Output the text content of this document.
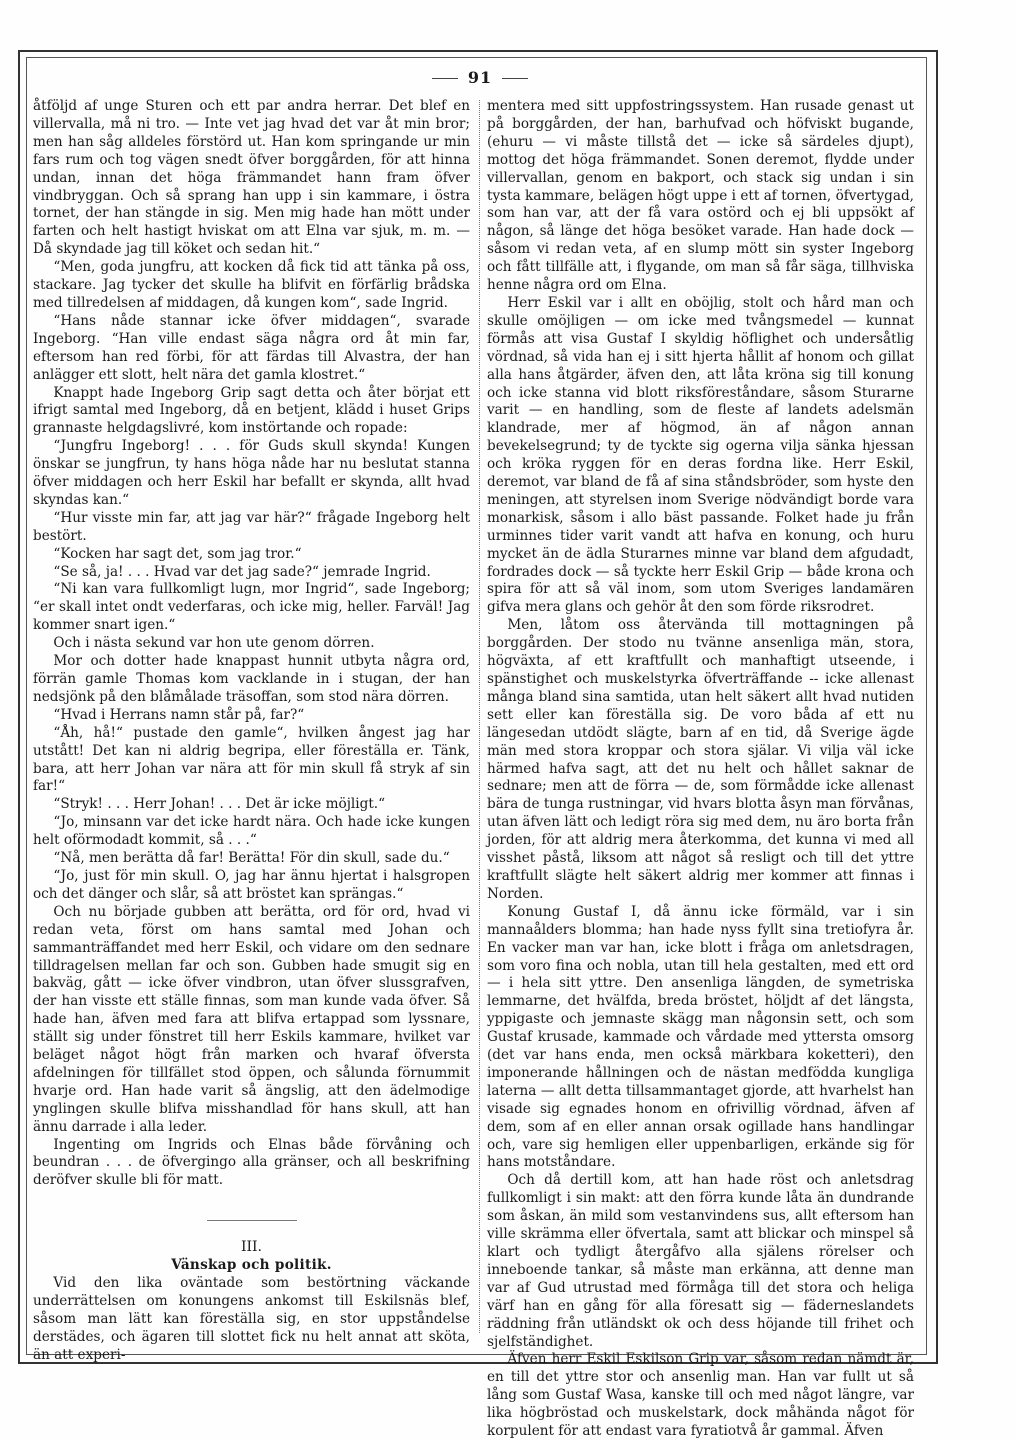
91

åtföljd af unge Sturen och ett par andra herrar. Det blef en villervalla, må ni tro. — Inte vet jag hvad det var åt min bror; men han såg alldeles förstörd ut. Han kom springande ur min fars rum och tog vägen snedt öfver borggården, för att hinna undan, innan det höga främmandet hann fram öfver vindbryggan. Och så sprang han upp i sin kammare, i östra tornet, der han stängde in sig. Men mig hade han mött under farten och helt hastigt hviskat om att Elna var sjuk, m. m. — Då skyndade jag till köket och sedan hit.“

“Men, goda jungfru, att kocken då fick tid att tänka på oss, stackare. Jag tycker det skulle ha blifvit en förfärlig brådska med tillredelsen af middagen, då kungen kom“, sade Ingrid.

“Hans nåde stannar icke öfver middagen“, svarade Ingeborg. “Han ville endast säga några ord åt min far, eftersom han red förbi, för att färdas till Alvastra, der han anlägger ett slott, helt nära det gamla klostret.“

Knappt hade Ingeborg Grip sagt detta och åter börjat ett ifrigt samtal med Ingeborg, då en betjent, klädd i huset Grips grannaste helgdagslivré, kom instörtande och ropade:

“Jungfru Ingeborg! . . . för Guds skull skynda! Kungen önskar se jungfrun, ty hans höga nåde har nu beslutat stanna öfver middagen och herr Eskil har befallt er skynda, allt hvad skyndas kan.“

“Hur visste min far, att jag var här?“ frågade Ingeborg helt bestört.

“Kocken har sagt det, som jag tror.“

“Se så, ja! . . . Hvad var det jag sade?“ jemrade Ingrid.

“Ni kan vara fullkomligt lugn, mor Ingrid“, sade Ingeborg; “er skall intet ondt vederfaras, och icke mig, heller. Farväl! Jag kommer snart igen.“

Och i nästa sekund var hon ute genom dörren.

Mor och dotter hade knappast hunnit utbyta några ord, förrän gamle Thomas kom vacklande in i stugan, der han nedsjönk på den blåmålade träsoffan, som stod nära dörren.

“Hvad i Herrans namn står på, far?“

“Åh, hå!“ pustade den gamle“, hvilken ångest jag har utstått! Det kan ni aldrig begripa, eller föreställa er. Tänk, bara, att herr Johan var nära att för min skull få stryk af sin far!“

“Stryk! . . . Herr Johan! . . . Det är icke möjligt.“

“Jo, minsann var det icke hardt nära. Och hade icke kungen helt oförmodadt kommit, så . . .“

“Nå, men berätta då far! Berätta! För din skull, sade du.“

“Jo, just för min skull. O, jag har ännu hjertat i halsgropen och det dänger och slår, så att bröstet kan sprängas.“

Och nu började gubben att berätta, ord för ord, hvad vi redan veta, först om hans samtal med Johan och sammanträffandet med herr Eskil, och vidare om den sednare tilldragelsen mellan far och son. Gubben hade smugit sig en bakväg, gått — icke öfver vindbron, utan öfver slussgrafven, der han visste ett ställe finnas, som man kunde vada öfver. Så hade han, äfven med fara att blifva ertappad som lyssnare, ställt sig under fönstret till herr Eskils kammare, hvilket var beläget något högt från marken och hvaraf öfversta afdelningen för tillfället stod öppen, och sålunda förnummit hvarje ord. Han hade varit så ängslig, att den ädelmodige ynglingen skulle blifva misshandlad för hans skull, att han ännu darrade i alla leder.

Ingenting om Ingrids och Elnas både förvåning och beundran . . . de öfvergingo alla gränser, och all beskrifning deröfver skulle bli för matt.

III.

Vänskap och politik.

Vid den lika oväntade som bestörtning väckande underrättelsen om konungens ankomst till Eskilsnäs blef, såsom man lätt kan föreställa sig, en stor uppståndelse derstädes, och ägaren till slottet fick nu helt annat att sköta, än att experi-

mentera med sitt uppfostringssystem. Han rusade genast ut på borggården, der han, barhufvad och höfviskt bugande, (ehuru — vi måste tillstå det — icke så särdeles djupt), mottog det höga främmandet. Sonen deremot, flydde under villervallan, genom en bakport, och stack sig undan i sin tysta kammare, belägen högt uppe i ett af tornen, öfvertygad, som han var, att der få vara ostörd och ej bli uppsökt af någon, så länge det höga besöket varade. Han hade dock — såsom vi redan veta, af en slump mött sin syster Ingeborg och fått tillfälle att, i flygande, om man så får säga, tillhviska henne några ord om Elna.

Herr Eskil var i allt en oböjlig, stolt och hård man och skulle omöjligen — om icke med tvångsmedel — kunnat förmås att visa Gustaf I skyldig höflighet och undersåtlig vördnad, så vida han ej i sitt hjerta hållit af honom och gillat alla hans åtgärder, äfven den, att låta kröna sig till konung och icke stanna vid blott riksföreståndare, såsom Sturarne varit — en handling, som de fleste af landets adelsmän klandrade, mer af högmod, än af någon annan bevekelsegrund; ty de tyckte sig ogerna vilja sänka hjessan och kröka ryggen för en deras fordna like. Herr Eskil, deremot, var bland de få af sina ståndsbröder, som hyste den meningen, att styrelsen inom Sverige nödvändigt borde vara monarkisk, såsom i allo bäst passande. Folket hade ju från urminnes tider varit vandt att hafva en konung, och huru mycket än de ädla Sturarnes minne var bland dem afgudadt, fordrades dock — så tyckte herr Eskil Grip — både krona och spira för att så väl inom, som utom Sveriges landamären gifva mera glans och gehör åt den som förde riksrodret.

Men, låtom oss återvända till mottagningen på borggården. Der stodo nu tvänne ansenliga män, stora, högväxta, af ett kraftfullt och manhaftigt utseende, i spänstighet och muskelstyrka öfverträffande -- icke allenast många bland sina samtida, utan helt säkert allt hvad nutiden sett eller kan föreställa sig. De voro båda af ett nu längesedan utdödt slägte, barn af en tid, då Sverige ägde män med stora kroppar och stora själar. Vi vilja väl icke härmed hafva sagt, att det nu helt och hållet saknar de sednare; men att de förra — de, som förmådde icke allenast bära de tunga rustningar, vid hvars blotta åsyn man förvånas, utan äfven lätt och ledigt röra sig med dem, nu äro borta från jorden, för att aldrig mera återkomma, det kunna vi med all visshet påstå, liksom att något så resligt och till det yttre kraftfullt slägte helt säkert aldrig mer kommer att finnas i Norden.

Konung Gustaf I, då ännu icke förmäld, var i sin mannaålders blomma; han hade nyss fyllt sina tretiofyra år. En vacker man var han, icke blott i fråga om anletsdragen, som voro fina och nobla, utan till hela gestalten, med ett ord — i hela sitt yttre. Den ansenliga längden, de symetriska lemmarne, det hvälfda, breda bröstet, höljdt af det längsta, yppigaste och jemnaste skägg man någonsin sett, och som Gustaf krusade, kammade och vårdade med yttersta omsorg (det var hans enda, men också märkbara koketteri), den imponerande hållningen och de nästan medfödda kungliga laterna — allt detta tillsammantaget gjorde, att hvarhelst han visade sig egnades honom en ofrivillig vördnad, äfven af dem, som af en eller annan orsak ogillade hans handlingar och, vare sig hemligen eller uppenbarligen, erkände sig för hans motståndare.

Och då dertill kom, att han hade röst och anletsdrag fullkomligt i sin makt: att den förra kunde låta än dundrande som åskan, än mild som vestanvindens sus, allt eftersom han ville skrämma eller öfvertala, samt att blickar och minspel så klart och tydligt återgåfvo alla själens rörelser och inneboende tankar, så måste man erkänna, att denne man var af Gud utrustad med förmåga till det stora och heliga värf han en gång för alla föresatt sig — fäderneslandets räddning från utländskt ok och dess höjande till frihet och sjelfständighet.

Äfven herr Eskil Eskilson Grip var, såsom redan nämdt är, en till det yttre stor och ansenlig man. Han var fullt ut så lång som Gustaf Wasa, kanske till och med något längre, var lika högbröstad och muskelstark, dock måhända något för korpulent för att endast vara fyratiotvå år gammal. Äfven
